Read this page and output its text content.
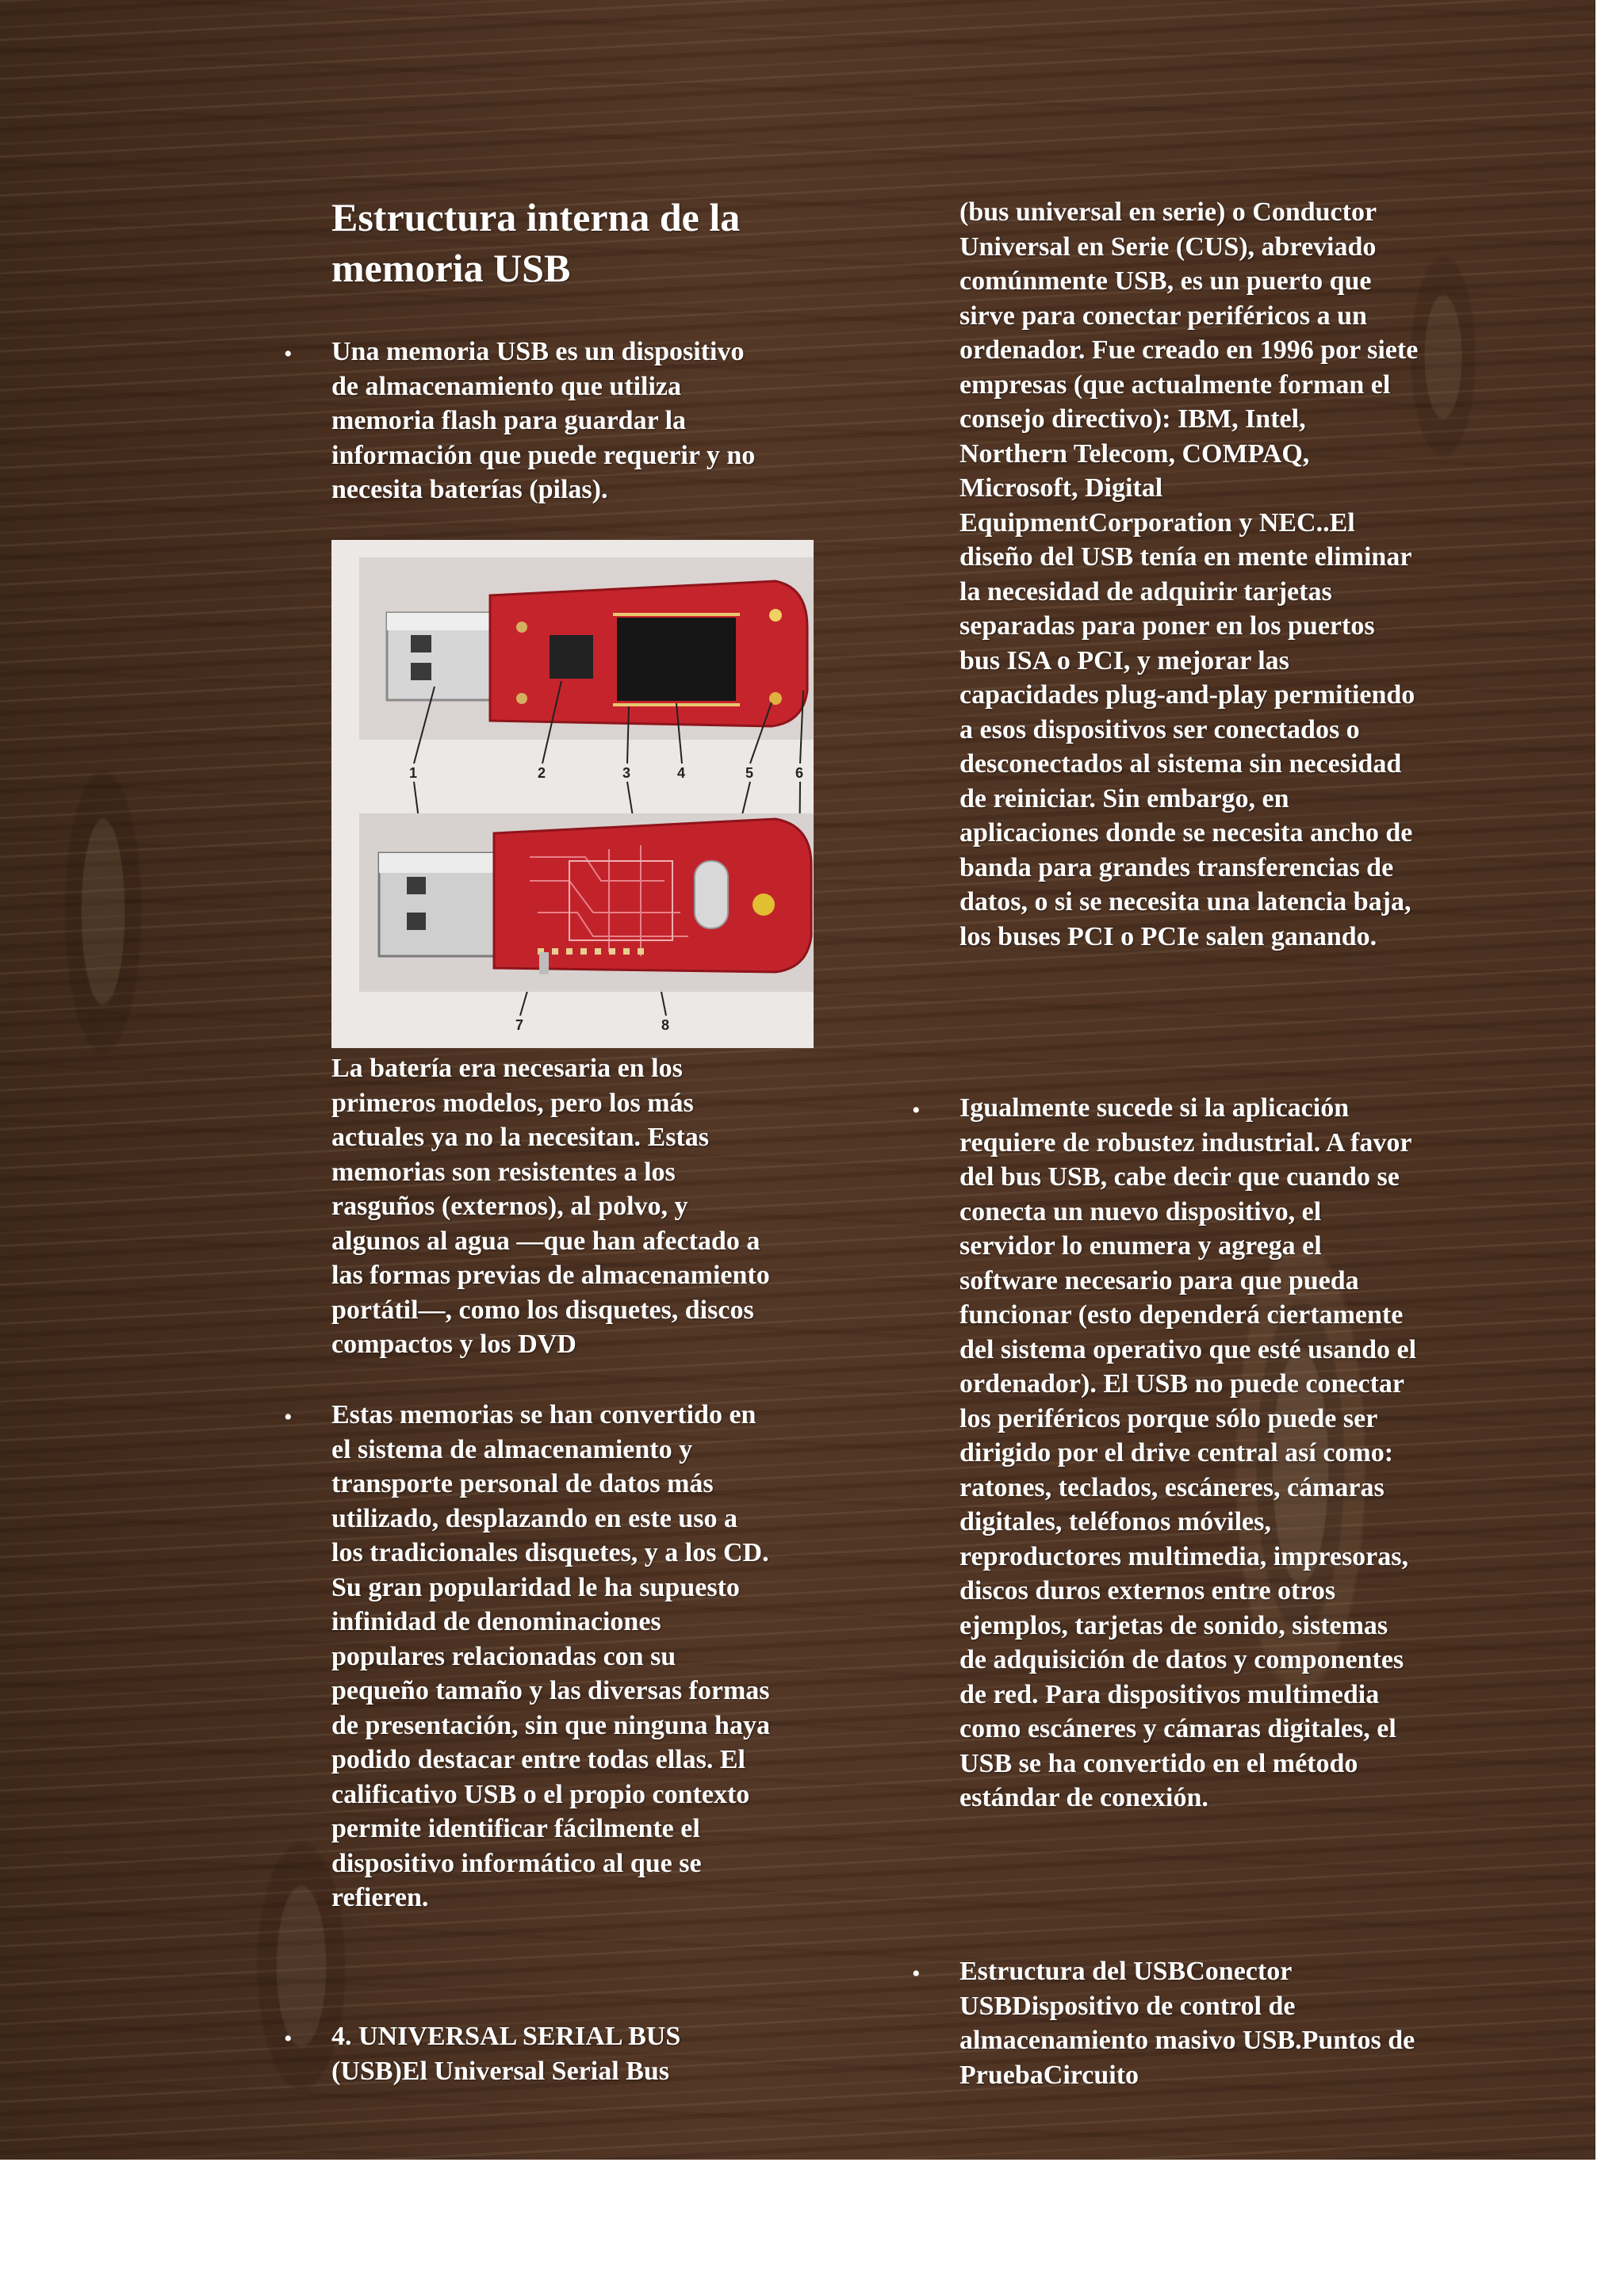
Estructura interna de la memoria USB
• Una memoria USB es un dispositivo de almacenamiento que utiliza memoria flash para guardar la información que puede requerir y no necesita baterías (pilas).
1	2	3	4	5	6
7	8
La batería era necesaria en los primeros modelos, pero los más actuales ya no la necesitan. Estas memorias son resistentes a los rasguños (externos), al polvo, y algunos al agua —que han afectado a las formas previas de almacenamiento portátil—, como los disquetes, discos compactos y los DVD
• Estas memorias se han convertido en el sistema de almacenamiento y transporte personal de datos más utilizado, desplazando en este uso a los tradicionales disquetes, y a los CD. Su gran popularidad le ha supuesto infinidad de denominaciones populares relacionadas con su pequeño tamaño y las diversas formas de presentación, sin que ninguna haya podido destacar entre todas ellas. El calificativo USB o el propio contexto permite identificar fácilmente el dispositivo informático al que se refieren.
• 4. UNIVERSAL SERIAL BUS (USB)El Universal Serial Bus
(bus universal en serie) o Conductor Universal en Serie (CUS), abreviado comúnmente USB, es un puerto que sirve para conectar periféricos a un ordenador. Fue creado en 1996 por siete empresas (que actualmente forman el consejo directivo): IBM, Intel, Northern Telecom, COMPAQ, Microsoft, Digital EquipmentCorporation y NEC..El diseño del USB tenía en mente eliminar la necesidad de adquirir tarjetas separadas para poner en los puertos bus ISA o PCI, y mejorar las capacidades plug-and-play permitiendo a esos dispositivos ser conectados o desconectados al sistema sin necesidad de reiniciar. Sin embargo, en aplicaciones donde se necesita ancho de banda para grandes transferencias de datos, o si se necesita una latencia baja, los buses PCI o PCIe salen ganando.
• Igualmente sucede si la aplicación requiere de robustez industrial. A favor del bus USB, cabe decir que cuando se conecta un nuevo dispositivo, el servidor lo enumera y agrega el software necesario para que pueda funcionar (esto dependerá ciertamente del sistema operativo que esté usando el ordenador). El USB no puede conectar los periféricos porque sólo puede ser dirigido por el drive central así como: ratones, teclados, escáneres, cámaras digitales, teléfonos móviles, reproductores multimedia, impresoras, discos duros externos entre otros ejemplos, tarjetas de sonido, sistemas de adquisición de datos y componentes de red. Para dispositivos multimedia como escáneres y cámaras digitales, el USB se ha convertido en el método estándar de conexión.
• Estructura del USBConector USBDispositivo de control de almacenamiento masivo USB.Puntos de PruebaCircuito
